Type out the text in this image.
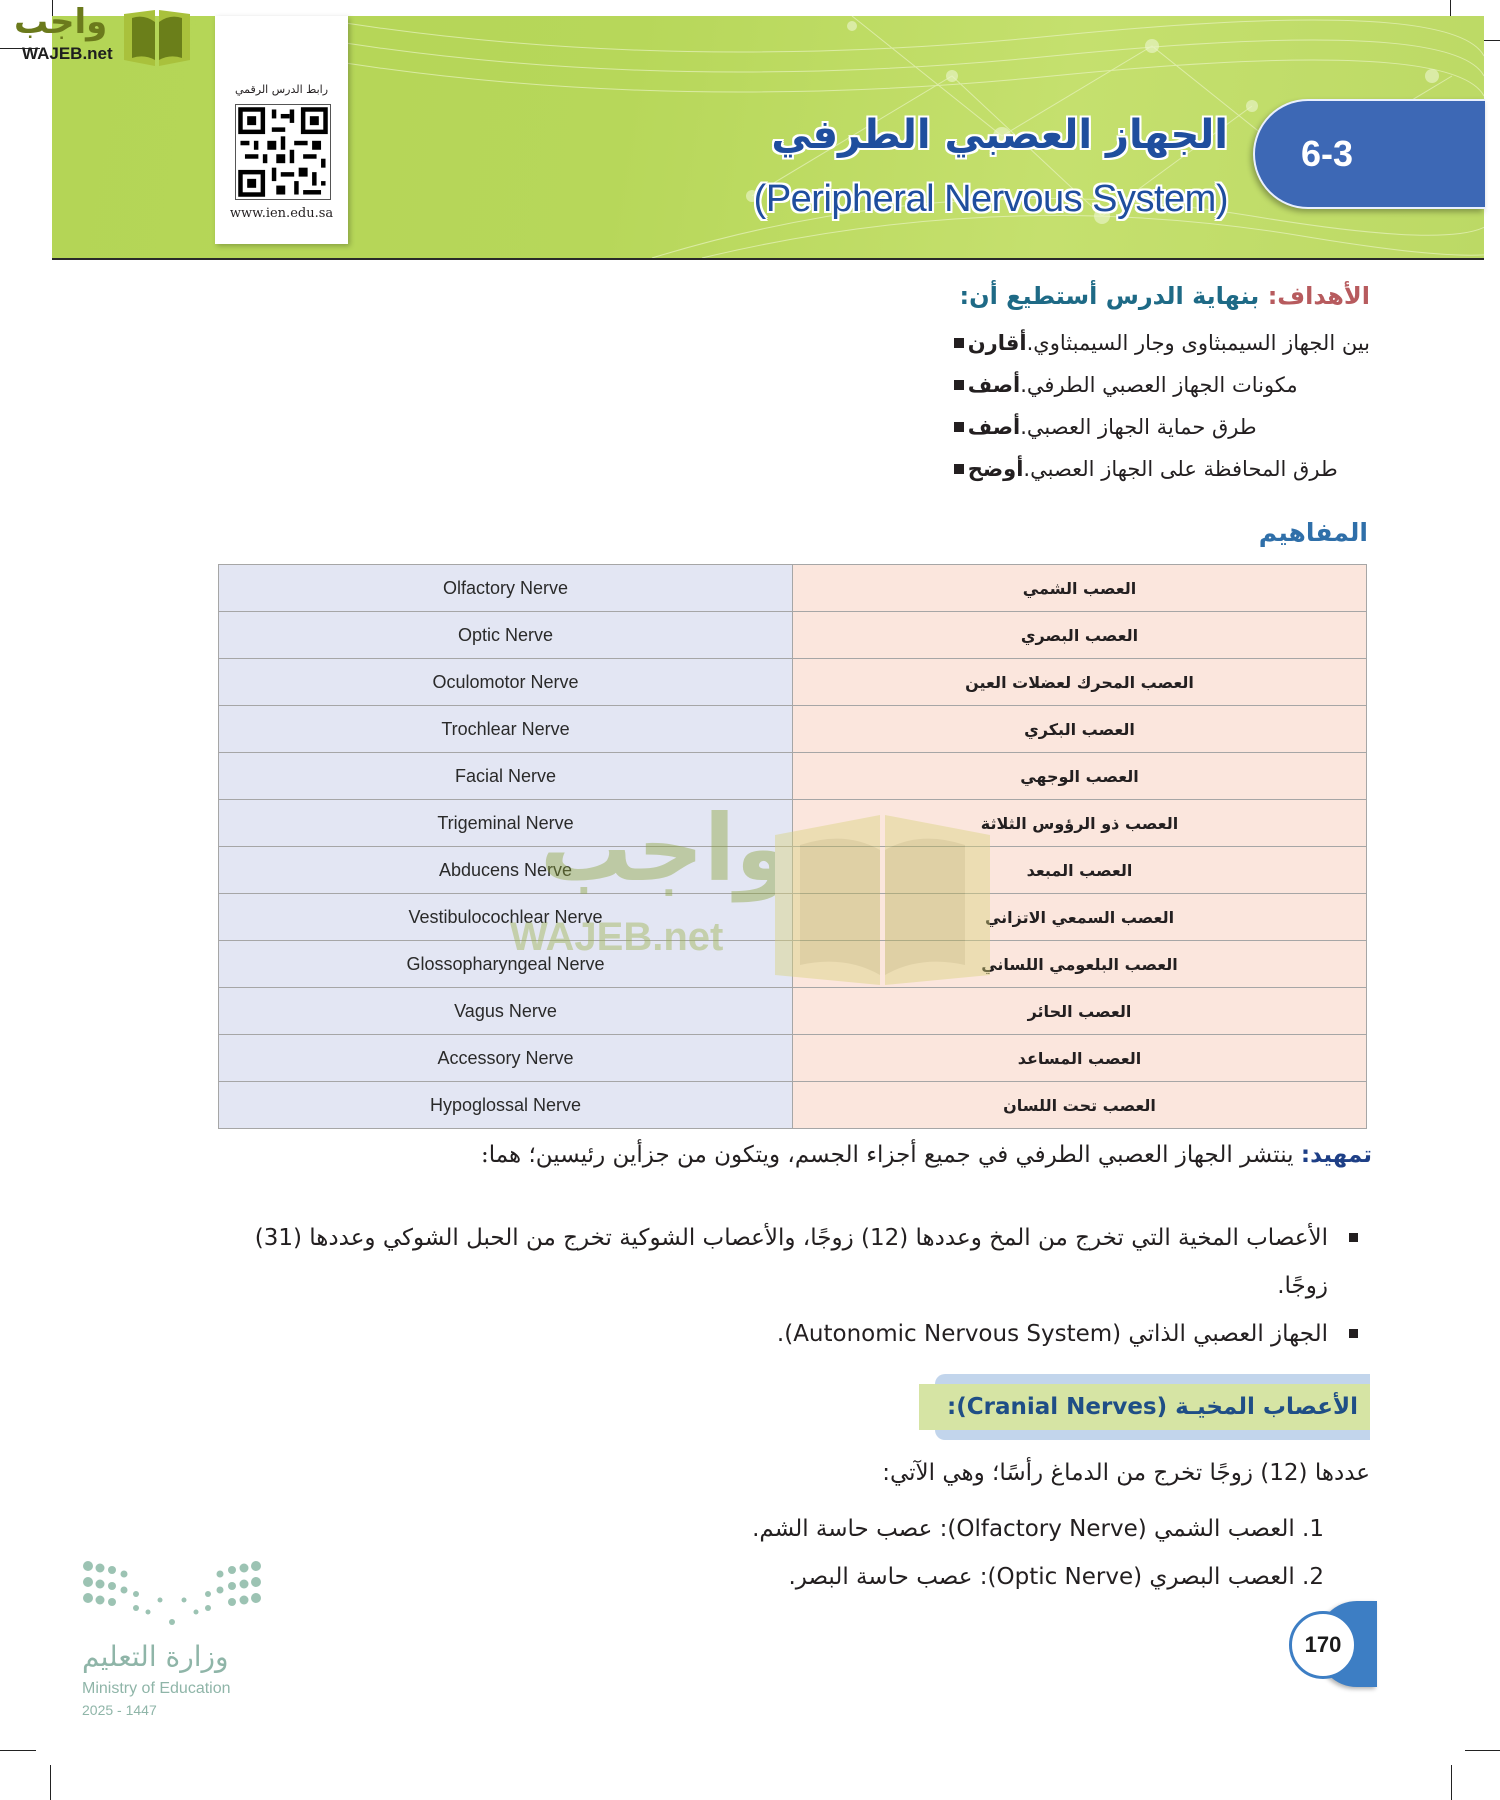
واجب
WAJEB.net
رابط الدرس الرقمي
www.ien.edu.sa
الجهاز العصبي الطرفي
(Peripheral Nervous System)
6-3
الأهداف: بنهاية الدرس أستطيع أن:
أقارن بين الجهاز السيمبثاوى وجار السيمبثاوي.
أصف مكونات الجهاز العصبي الطرفي.
أصف طرق حماية الجهاز العصبي.
أوضح طرق المحافظة على الجهاز العصبي.
المفاهيم
Olfactory Nerve	العصب الشمي
Optic Nerve	العصب البصري
Oculomotor Nerve	العصب المحرك لعضلات العين
Trochlear Nerve	العصب البكري
Facial Nerve	العصب الوجهي
Trigeminal Nerve	العصب ذو الرؤوس الثلاثة
Abducens Nerve	العصب المبعد
Vestibulocochlear Nerve	العصب السمعي الاتزاني
Glossopharyngeal Nerve	العصب البلعومي اللساني
Vagus Nerve	العصب الحائر
Accessory Nerve	العصب المساعد
Hypoglossal Nerve	العصب تحت اللسان
واجب
WAJEB.net
تمهيد: ينتشر الجهاز العصبي الطرفي في جميع أجزاء الجسم، ويتكون من جزأين رئيسين؛ هما:
الأعصاب المخية التي تخرج من المخ وعددها (12) زوجًا، والأعصاب الشوكية تخرج من الحبل الشوكي وعددها (31) زوجًا.
الجهاز العصبي الذاتي (Autonomic Nervous System).
الأعصاب المخيـة (Cranial Nerves):
عددها (12) زوجًا تخرج من الدماغ رأسًا؛ وهي الآتي:
1. العصب الشمي (Olfactory Nerve): عصب حاسة الشم.
2. العصب البصري (Optic Nerve): عصب حاسة البصر.
170
وزارة التعليم
Ministry of Education
2025 - 1447
